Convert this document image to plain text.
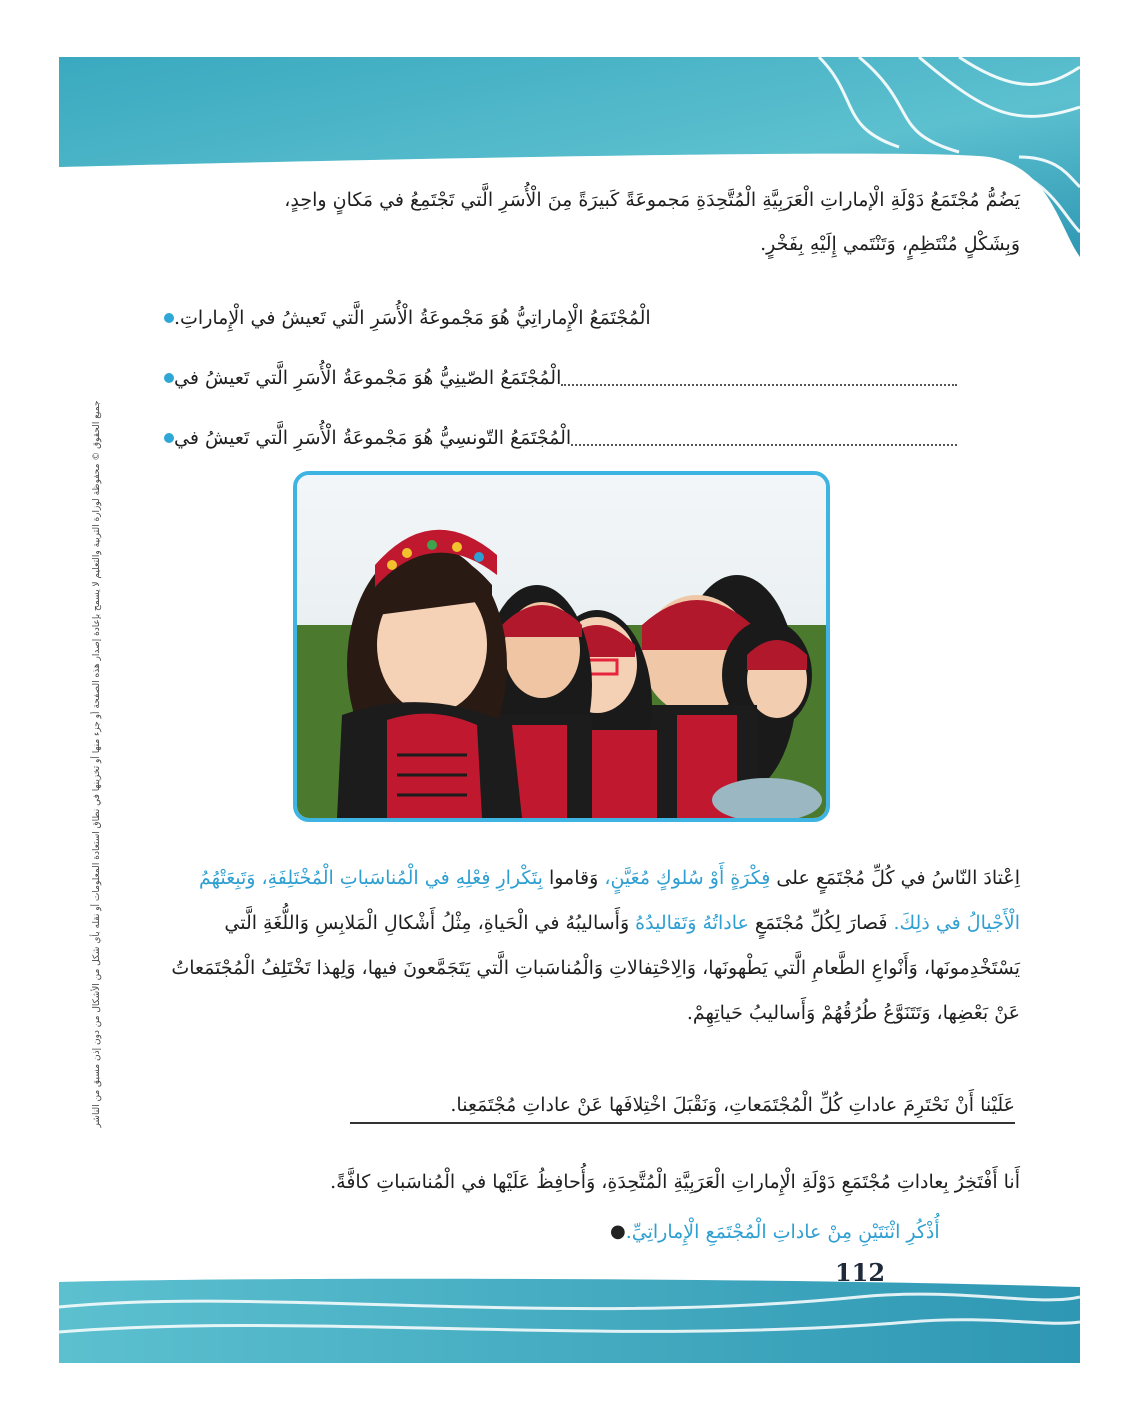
جميع الحقوق © محفوظة لوزارة التربية والتعليم لا يسمح بإعادة إصدار هذه الصفحة أو جزء منها أو تخزينها في نطاق استعادة المعلومات أو نقله بأي شكل من الأشكال من دون إذن مسبق من الناشر
يَضُمُّ مُجْتَمَعُ دَوْلَةِ الْإماراتِ الْعَرَبِيَّةِ الْمُتَّحِدَةِ مَجموعَةً كَبيرَةً مِنَ الْأُسَرِ الَّتي تَجْتَمِعُ في مَكانٍ واحِدٍ،
وَبِشَكْلٍ مُنْتَظِمٍ، وَتَنْتَمي إِلَيْهِ بِفَخْرٍ.
الْمُجْتَمَعُ الْإِماراتِيُّ هُوَ مَجْموعَةُ الْأُسَرِ الَّتي تَعيشُ في الْإِماراتِ.
الْمُجْتَمَعُ الصّينِيُّ هُوَ مَجْموعَةُ الْأُسَرِ الَّتي تَعيشُ في
الْمُجْتَمَعُ التّونسِيُّ هُوَ مَجْموعَةُ الْأُسَرِ الَّتي تَعيشُ في
اِعْتادَ النّاسُ في كُلِّ مُجْتَمَعٍ على فِكْرَةٍ أَوْ سُلوكٍ مُعَيَّنٍ، وَقاموا بِتَكْرارِ فِعْلِهِ في الْمُناسَباتِ الْمُخْتَلِفَةِ، وَتَبِعَتْهُمُ الْأَجْيالُ في ذلِكَ. فَصارَ لِكُلِّ مُجْتَمَعٍ عاداتُهُ وَتَقاليدُهُ وَأَساليبُهُ في الْحَياةِ، مِثْلُ أَشْكالِ الْمَلابِسِ وَاللُّغَةِ الَّتي يَسْتَخْدِمونَها، وَأَنْواعِ الطَّعامِ الَّتي يَطْهونَها، وَالِاحْتِفالاتِ وَالْمُناسَباتِ الَّتي يَتَجَمَّعونَ فيها، وَلِهذا تَخْتَلِفُ الْمُجْتَمَعاتُ عَنْ بَعْضِها، وَتَتَنَوَّعُ طُرُقُهُمْ وَأَساليبُ حَياتِهِمْ.
عَلَيْنا أَنْ نَحْتَرِمَ عاداتِ كُلِّ الْمُجْتَمَعاتِ، وَنَقْبَلَ اخْتِلافَها عَنْ عاداتِ مُجْتَمَعِنا.
أَنا أَفْتَخِرُ بِعاداتِ مُجْتَمَعِ دَوْلَةِ الْإِماراتِ الْعَرَبِيَّةِ الْمُتَّحِدَةِ، وَأُحافِظُ عَلَيْها في الْمُناسَباتِ كافَّةً.
● أُذْكُرِ اثْنَتَيْنِ مِنْ عاداتِ الْمُجْتَمَعِ الْإِماراتِيِّ.
112
